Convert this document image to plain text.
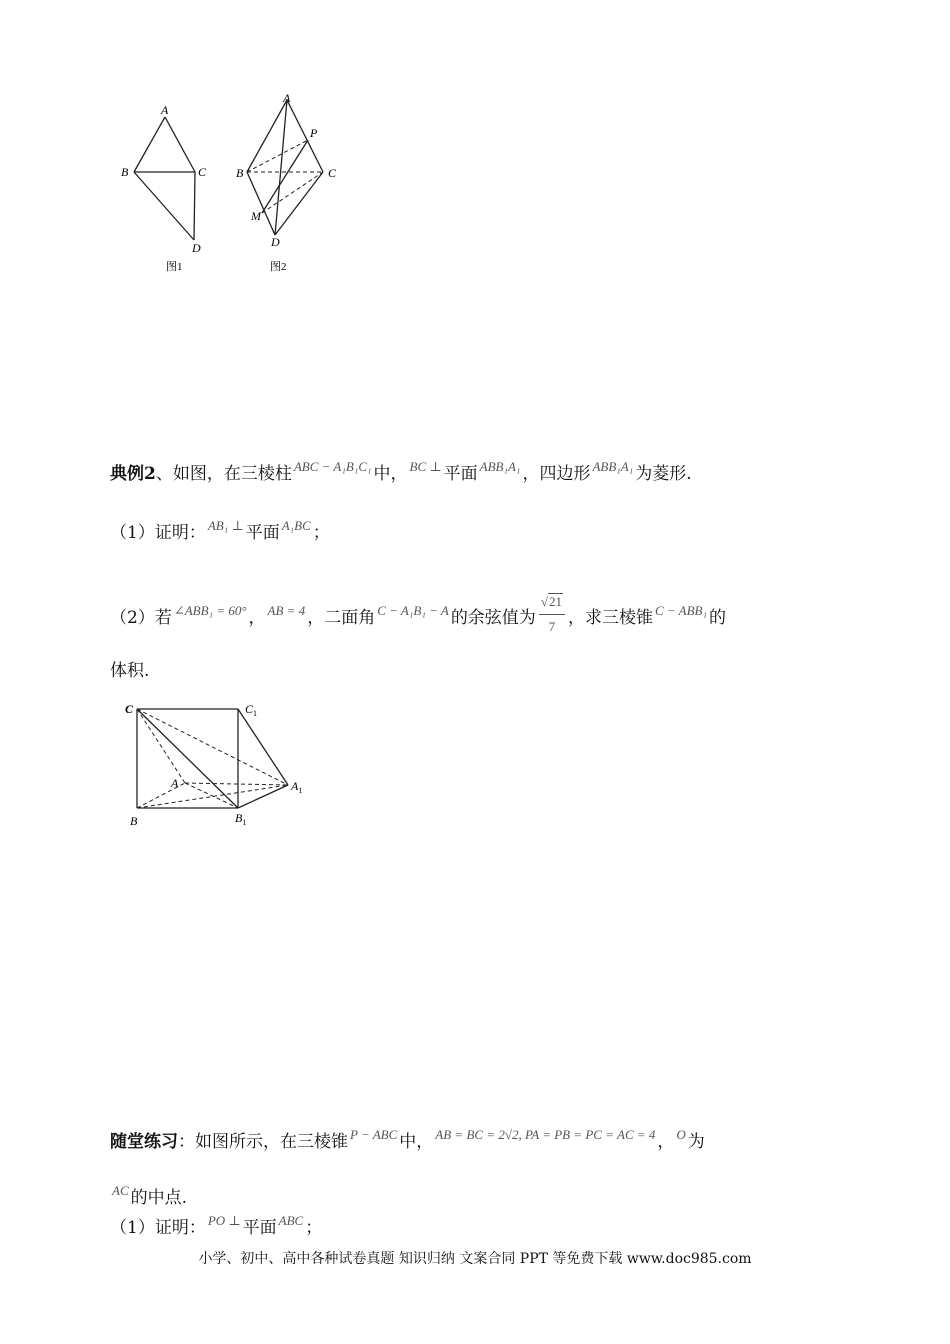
A
B	C
D
图1
A
P
B	C
M
D
图2
典例2、如图，在三棱柱 $^{ABC - A_1B_1C_1}$ 中， $^{BC \perp}$ 平面 $^{ABB_1A_1}$ ，四边形 $^{ABB_1A_1}$ 为菱形.
（1）证明： $^{AB_1 \perp}$ 平面 $^{A_1BC}$ ；
（2）若 $^{\angle ABB_1 = 60^\circ}$ ， $^{AB = 4}$ ，二面角 $^{C - A_1B_1 - A}$ 的余弦值为 $\frac{√21}{7}$ ，求三棱锥 $^{C - ABB_1}$ 的
体积.
C	$C_1$
A	$A_1$
B	$B_1$
随堂练习：如图所示，在三棱锥 $^{P - ABC}$ 中， $^{AB = BC = 2√2, PA = PB = PC = AC = 4}$ ， $^O$ 为
$^{AC}$ 的中点.
（1）证明： $^{PO \perp}$ 平面 $^{ABC}$ ；
小学、初中、高中各种试卷真题 知识归纳 文案合同 PPT 等免费下载 www.doc985.com
